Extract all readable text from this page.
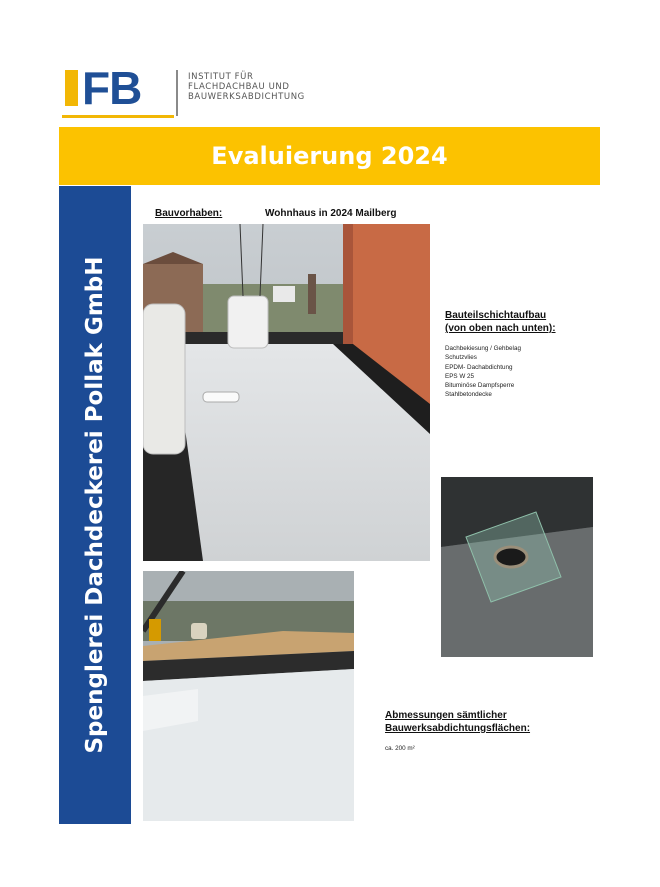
FB	INSTITUT FÜR
FLACHDACHBAU UND
BAUWERKSABDICHTUNG
Evaluierung 2024
Spenglerei Dachdeckerei Pollak GmbH
Bauvorhaben:	Wohnhaus in 2024 Mailberg
Bauteilschichtaufbau
(von oben nach unten):
Dachbekiesung / Gehbelag
Schutzvlies
EPDM- Dachabdichtung
EPS W 25
Bituminöse Dampfsperre
Stahlbetondecke
Abmessungen sämtlicher
Bauwerksabdichtungsflächen:
ca. 200 m²
